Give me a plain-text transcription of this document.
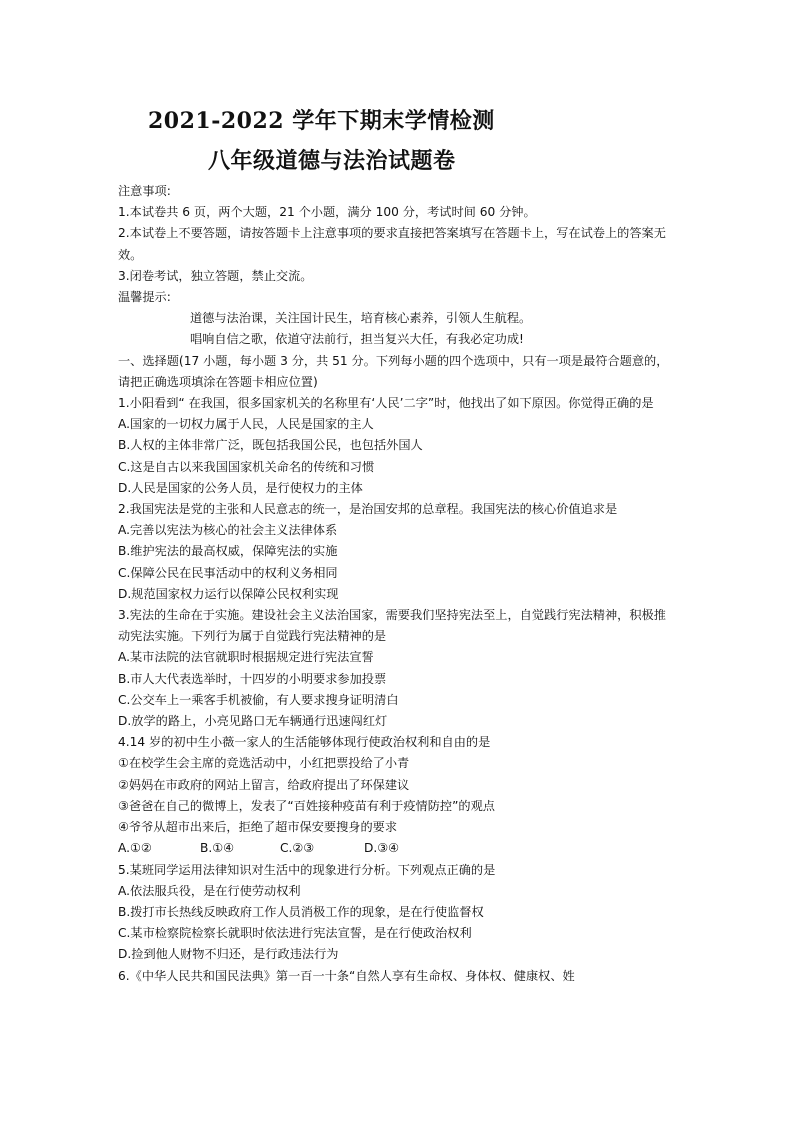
2021-2022 学年下期末学情检测
八年级道德与法治试题卷
注意事项:
1.本试卷共 6 页，两个大题，21 个小题，满分 100 分，考试时间 60 分钟。
2.本试卷上不要答题，请按答题卡上注意事项的要求直接把答案填写在答题卡上，写在试卷上的答案无效。
3.闭卷考试，独立答题，禁止交流。
温馨提示:
道德与法治课，关注国计民生，培育核心素养，引领人生航程。
唱响自信之歌，依道守法前行，担当复兴大任，有我必定功成!
一、选择题(17 小题，每小题 3 分，共 51 分。下列每小题的四个选项中，只有一项是最符合题意的，请把正确选项填涂在答题卡相应位置)
1.小阳看到“ 在我国，很多国家机关的名称里有‘人民’二字”时，他找出了如下原因。你觉得正确的是
A.国家的一切权力属于人民，人民是国家的主人
B.人权的主体非常广泛，既包括我国公民，也包括外国人
C.这是自古以来我国国家机关命名的传统和习惯
D.人民是国家的公务人员，是行使权力的主体
2.我国宪法是党的主张和人民意志的统一，是治国安邦的总章程。我国宪法的核心价值追求是
A.完善以宪法为核心的社会主义法律体系
B.维护宪法的最高权威，保障宪法的实施
C.保障公民在民事活动中的权利义务相同
D.规范国家权力运行以保障公民权利实现
3.宪法的生命在于实施。建设社会主义法治国家，需要我们坚持宪法至上，自觉践行宪法精神，积极推动宪法实施。下列行为属于自觉践行宪法精神的是
A.某市法院的法官就职时根据规定进行宪法宣誓
B.市人大代表选举时，十四岁的小明要求参加投票
C.公交车上一乘客手机被偷，有人要求搜身证明清白
D.放学的路上，小亮见路口无车辆通行迅速闯红灯
4.14 岁的初中生小薇一家人的生活能够体现行使政治权利和自由的是
①在校学生会主席的竞选活动中，小红把票投给了小青
②妈妈在市政府的网站上留言，给政府提出了环保建议
③爸爸在自己的微博上，发表了“百姓接种疫苗有利于疫情防控”的观点
④爷爷从超市出来后，拒绝了超市保安要搜身的要求
A.①②	B.①④	C.②③	D.③④
5.某班同学运用法律知识对生活中的现象进行分析。下列观点正确的是
A.依法服兵役，是在行使劳动权利
B.拨打市长热线反映政府工作人员消极工作的现象，是在行使监督权
C.某市检察院检察长就职时依法进行宪法宣誓，是在行使政治权利
D.捡到他人财物不归还，是行政违法行为
6.《中华人民共和国民法典》第一百一十条“自然人享有生命权、身体权、健康权、姓
